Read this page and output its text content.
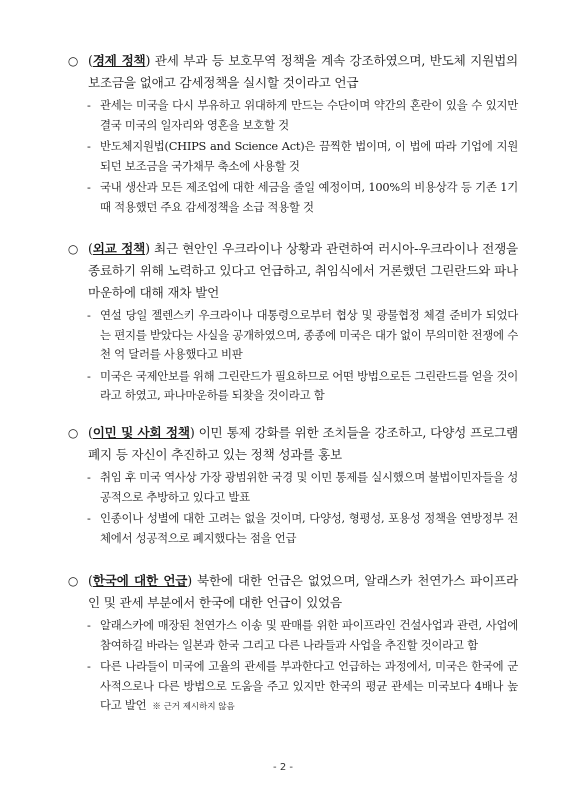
○ (경제 정책) 관세 부과 등 보호무역 정책을 계속 강조하였으며, 반도체 지원법의 보조금을 없애고 감세정책을 실시할 것이라고 언급
- 관세는 미국을 다시 부유하고 위대하게 만드는 수단이며 약간의 혼란이 있을 수 있지만 결국 미국의 일자리와 영혼을 보호할 것
- 반도체지원법(CHIPS and Science Act)은 끔찍한 법이며, 이 법에 따라 기업에 지원되던 보조금을 국가채무 축소에 사용할 것
- 국내 생산과 모든 제조업에 대한 세금을 줄일 예정이며, 100%의 비용상각 등 기존 1기 때 적용했던 주요 감세정책을 소급 적용할 것
○ (외교 정책) 최근 현안인 우크라이나 상황과 관련하여 러시아-우크라이나 전쟁을 종료하기 위해 노력하고 있다고 언급하고, 취임식에서 거론했던 그린란드와 파나마운하에 대해 재차 발언
- 연설 당일 젤렌스키 우크라이나 대통령으로부터 협상 및 광물협정 체결 준비가 되었다는 편지를 받았다는 사실을 공개하였으며, 종종에 미국은 대가 없이 무의미한 전쟁에 수천 억 달러를 사용했다고 비판
- 미국은 국제안보를 위해 그린란드가 필요하므로 어떤 방법으로든 그린란드를 얻을 것이라고 하였고, 파나마운하를 되찾을 것이라고 함
○ (이민 및 사회 정책) 이민 통제 강화를 위한 조치들을 강조하고, 다양성 프로그램 폐지 등 자신이 추진하고 있는 정책 성과를 홍보
- 취임 후 미국 역사상 가장 광범위한 국경 및 이민 통제를 실시했으며 불법이민자들을 성공적으로 추방하고 있다고 발표
- 인종이나 성별에 대한 고려는 없을 것이며, 다양성, 형평성, 포용성 정책을 연방정부 전체에서 성공적으로 폐지했다는 점을 언급
○ (한국에 대한 언급) 북한에 대한 언급은 없었으며, 알래스카 천연가스 파이프라인 및 관세 부분에서 한국에 대한 언급이 있었음
- 알래스카에 매장된 천연가스 이송 및 판매를 위한 파이프라인 건설사업과 관련, 사업에 참여하길 바라는 일본과 한국 그리고 다른 나라들과 사업을 추진할 것이라고 함
- 다른 나라들이 미국에 고율의 관세를 부과한다고 언급하는 과정에서, 미국은 한국에 군사적으로나 다른 방법으로 도움을 주고 있지만 한국의 평균 관세는 미국보다 4배나 높다고 발언 ※ 근거 제시하지 않음
- 2 -
